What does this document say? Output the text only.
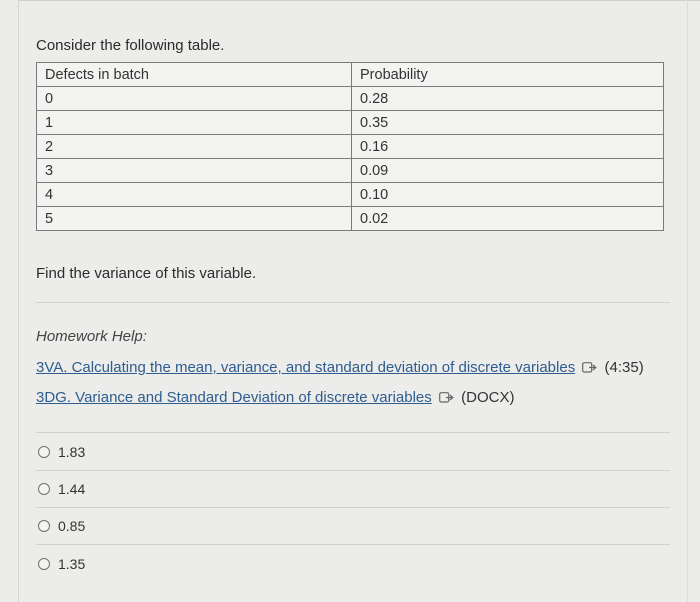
Consider the following table.
Defects in batch	Probability
0	0.28
1	0.35
2	0.16
3	0.09
4	0.10
5	0.02
Find the variance of this variable.
Homework Help:
3VA. Calculating the mean, variance, and standard deviation of discrete variables (4:35)
3DG. Variance and Standard Deviation of discrete variables (DOCX)
1.83
1.44
0.85
1.35
